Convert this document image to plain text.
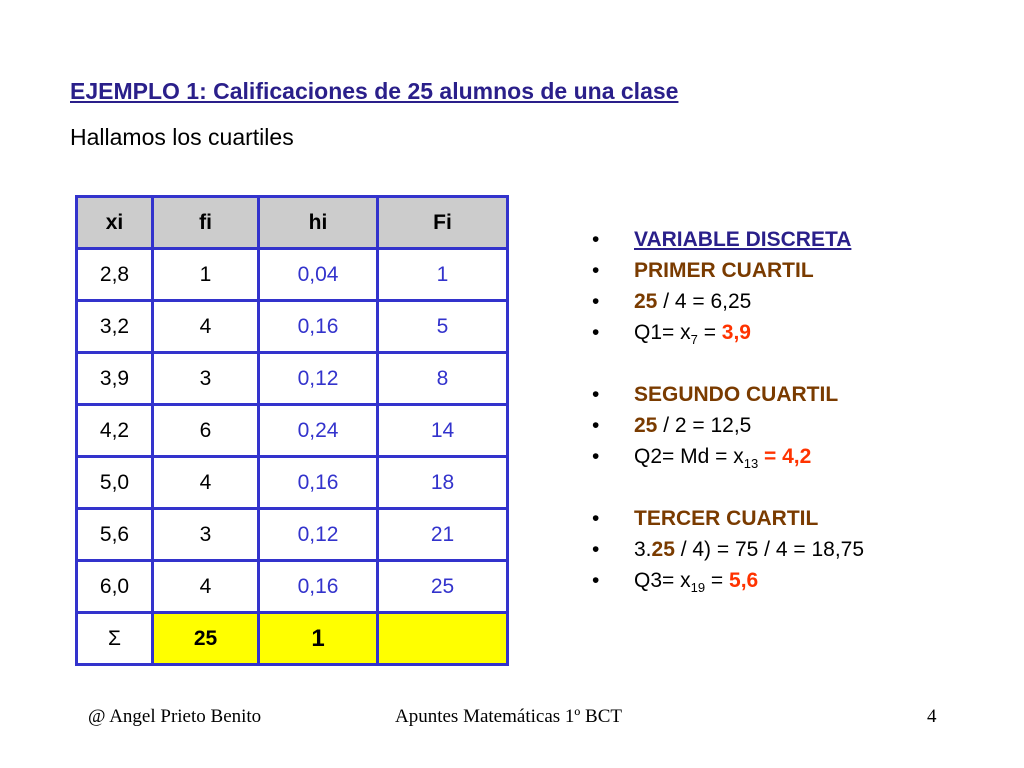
EJEMPLO 1: Calificaciones de 25 alumnos de una clase
Hallamos los cuartiles
xi	fi	hi	Fi
2,8	1	0,04	1
3,2	4	0,16	5
3,9	3	0,12	8
4,2	6	0,24	14
5,0	4	0,16	18
5,6	3	0,12	21
6,0	4	0,16	25
Σ	25	1	
• VARIABLE DISCRETA
• PRIMER CUARTIL
• 25 / 4 = 6,25
• $Q1= x_7 = 3,9$
• SEGUNDO CUARTIL
• 25 / 2 = 12,5
• $Q2= Md = x_{13} = 4,2$
• TERCER CUARTIL
• 3.25 / 4) = 75 / 4 = 18,75
• $Q3= x_{19} = 5,6$
@ Angel Prieto Benito	Apuntes Matemáticas 1º BCT	4
